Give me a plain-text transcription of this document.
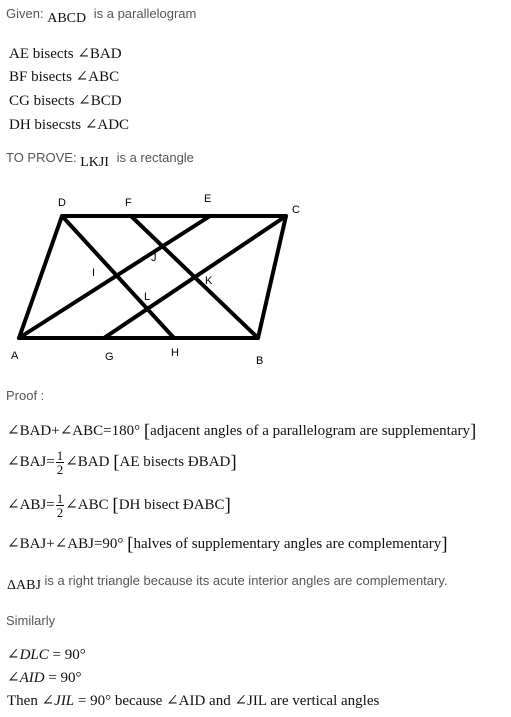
Given: ABCD is a parallelogram
AE bisects ∠BAD
BF bisects ∠ABC
CG bisects ∠BCD
DH bisecsts ∠ADC
TO PROVE: LKJI is a rectangle
D	F	E
C
J
I
K
L
A	G	H
B
Proof :
∠BAD+∠ABC=180° [adjacent angles of a parallelogram are supplementary]
∠BAJ= $\frac{1}{2}$ ∠BAD [AE bisects ÐBAD]
∠ABJ= $\frac{1}{2}$ ∠ABC [DH bisect ÐABC]
∠BAJ+∠ABJ=90° [halves of supplementary angles are complementary]
ΔABJ is a right triangle because its acute interior angles are complementary.
Similarly
∠DLC = 90°
∠AID = 90°
Then ∠JIL = 90° because ∠AID and ∠JIL are vertical angles
